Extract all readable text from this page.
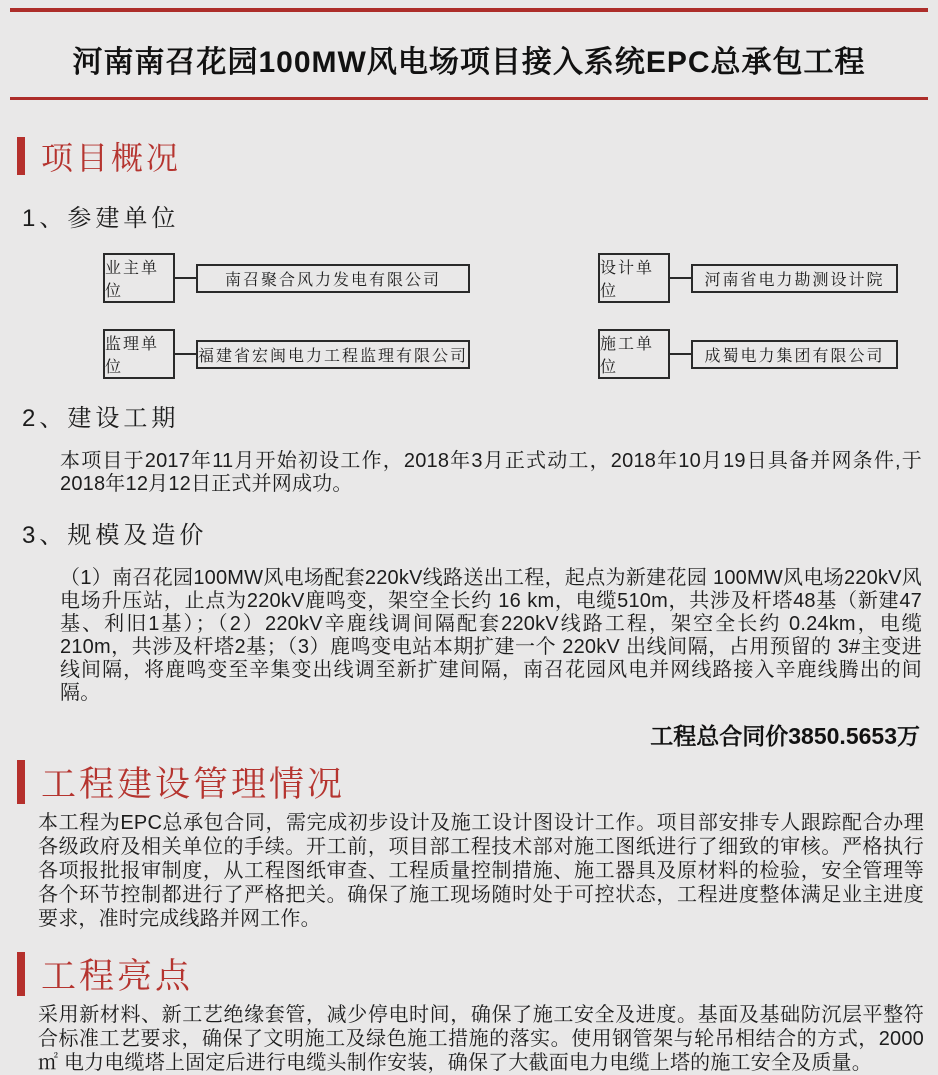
河南南召花园100MW风电场项目接入系统EPC总承包工程
项目概况
1、参建单位
业主单位
南召聚合风力发电有限公司
设计单位
河南省电力勘测设计院
监理单位
福建省宏闽电力工程监理有限公司
施工单位
成蜀电力集团有限公司
2、建设工期

本项目于2017年11月开始初设工作，2018年3月正式动工，2018年10月19日具备并网条件,于2018年12月12日正式并网成功。

3、规模及造价

（1）南召花园100MW风电场配套220kV线路送出工程，起点为新建花园 100MW风电场220kV风电场升压站，止点为220kV鹿鸣变，架空全长约 16 km，电缆510m，共涉及杆塔48基（新建47基、利旧1基）；（2）220kV辛鹿线调间隔配套220kV线路工程，架空全长约 0.24km，电缆210m，共涉及杆塔2基；（3）鹿鸣变电站本期扩建一个 220kV 出线间隔，占用预留的 3#主变进线间隔，将鹿鸣变至辛集变出线调至新扩建间隔，南召花园风电并网线路接入辛鹿线腾出的间隔。

工程总合同价3850.5653万
工程建设管理情况

本工程为EPC总承包合同，需完成初步设计及施工设计图设计工作。项目部安排专人跟踪配合办理各级政府及相关单位的手续。开工前，项目部工程技术部对施工图纸进行了细致的审核。严格执行各项报批报审制度，从工程图纸审查、工程质量控制措施、施工器具及原材料的检验，安全管理等各个环节控制都进行了严格把关。确保了施工现场随时处于可控状态，工程进度整体满足业主进度要求，准时完成线路并网工作。

工程亮点

采用新材料、新工艺绝缘套管，减少停电时间，确保了施工安全及进度。基面及基础防沉层平整符合标准工艺要求，确保了文明施工及绿色施工措施的落实。使用钢管架与轮吊相结合的方式，2000 ㎡ 电力电缆塔上固定后进行电缆头制作安装，确保了大截面电力电缆上塔的施工安全及质量。
